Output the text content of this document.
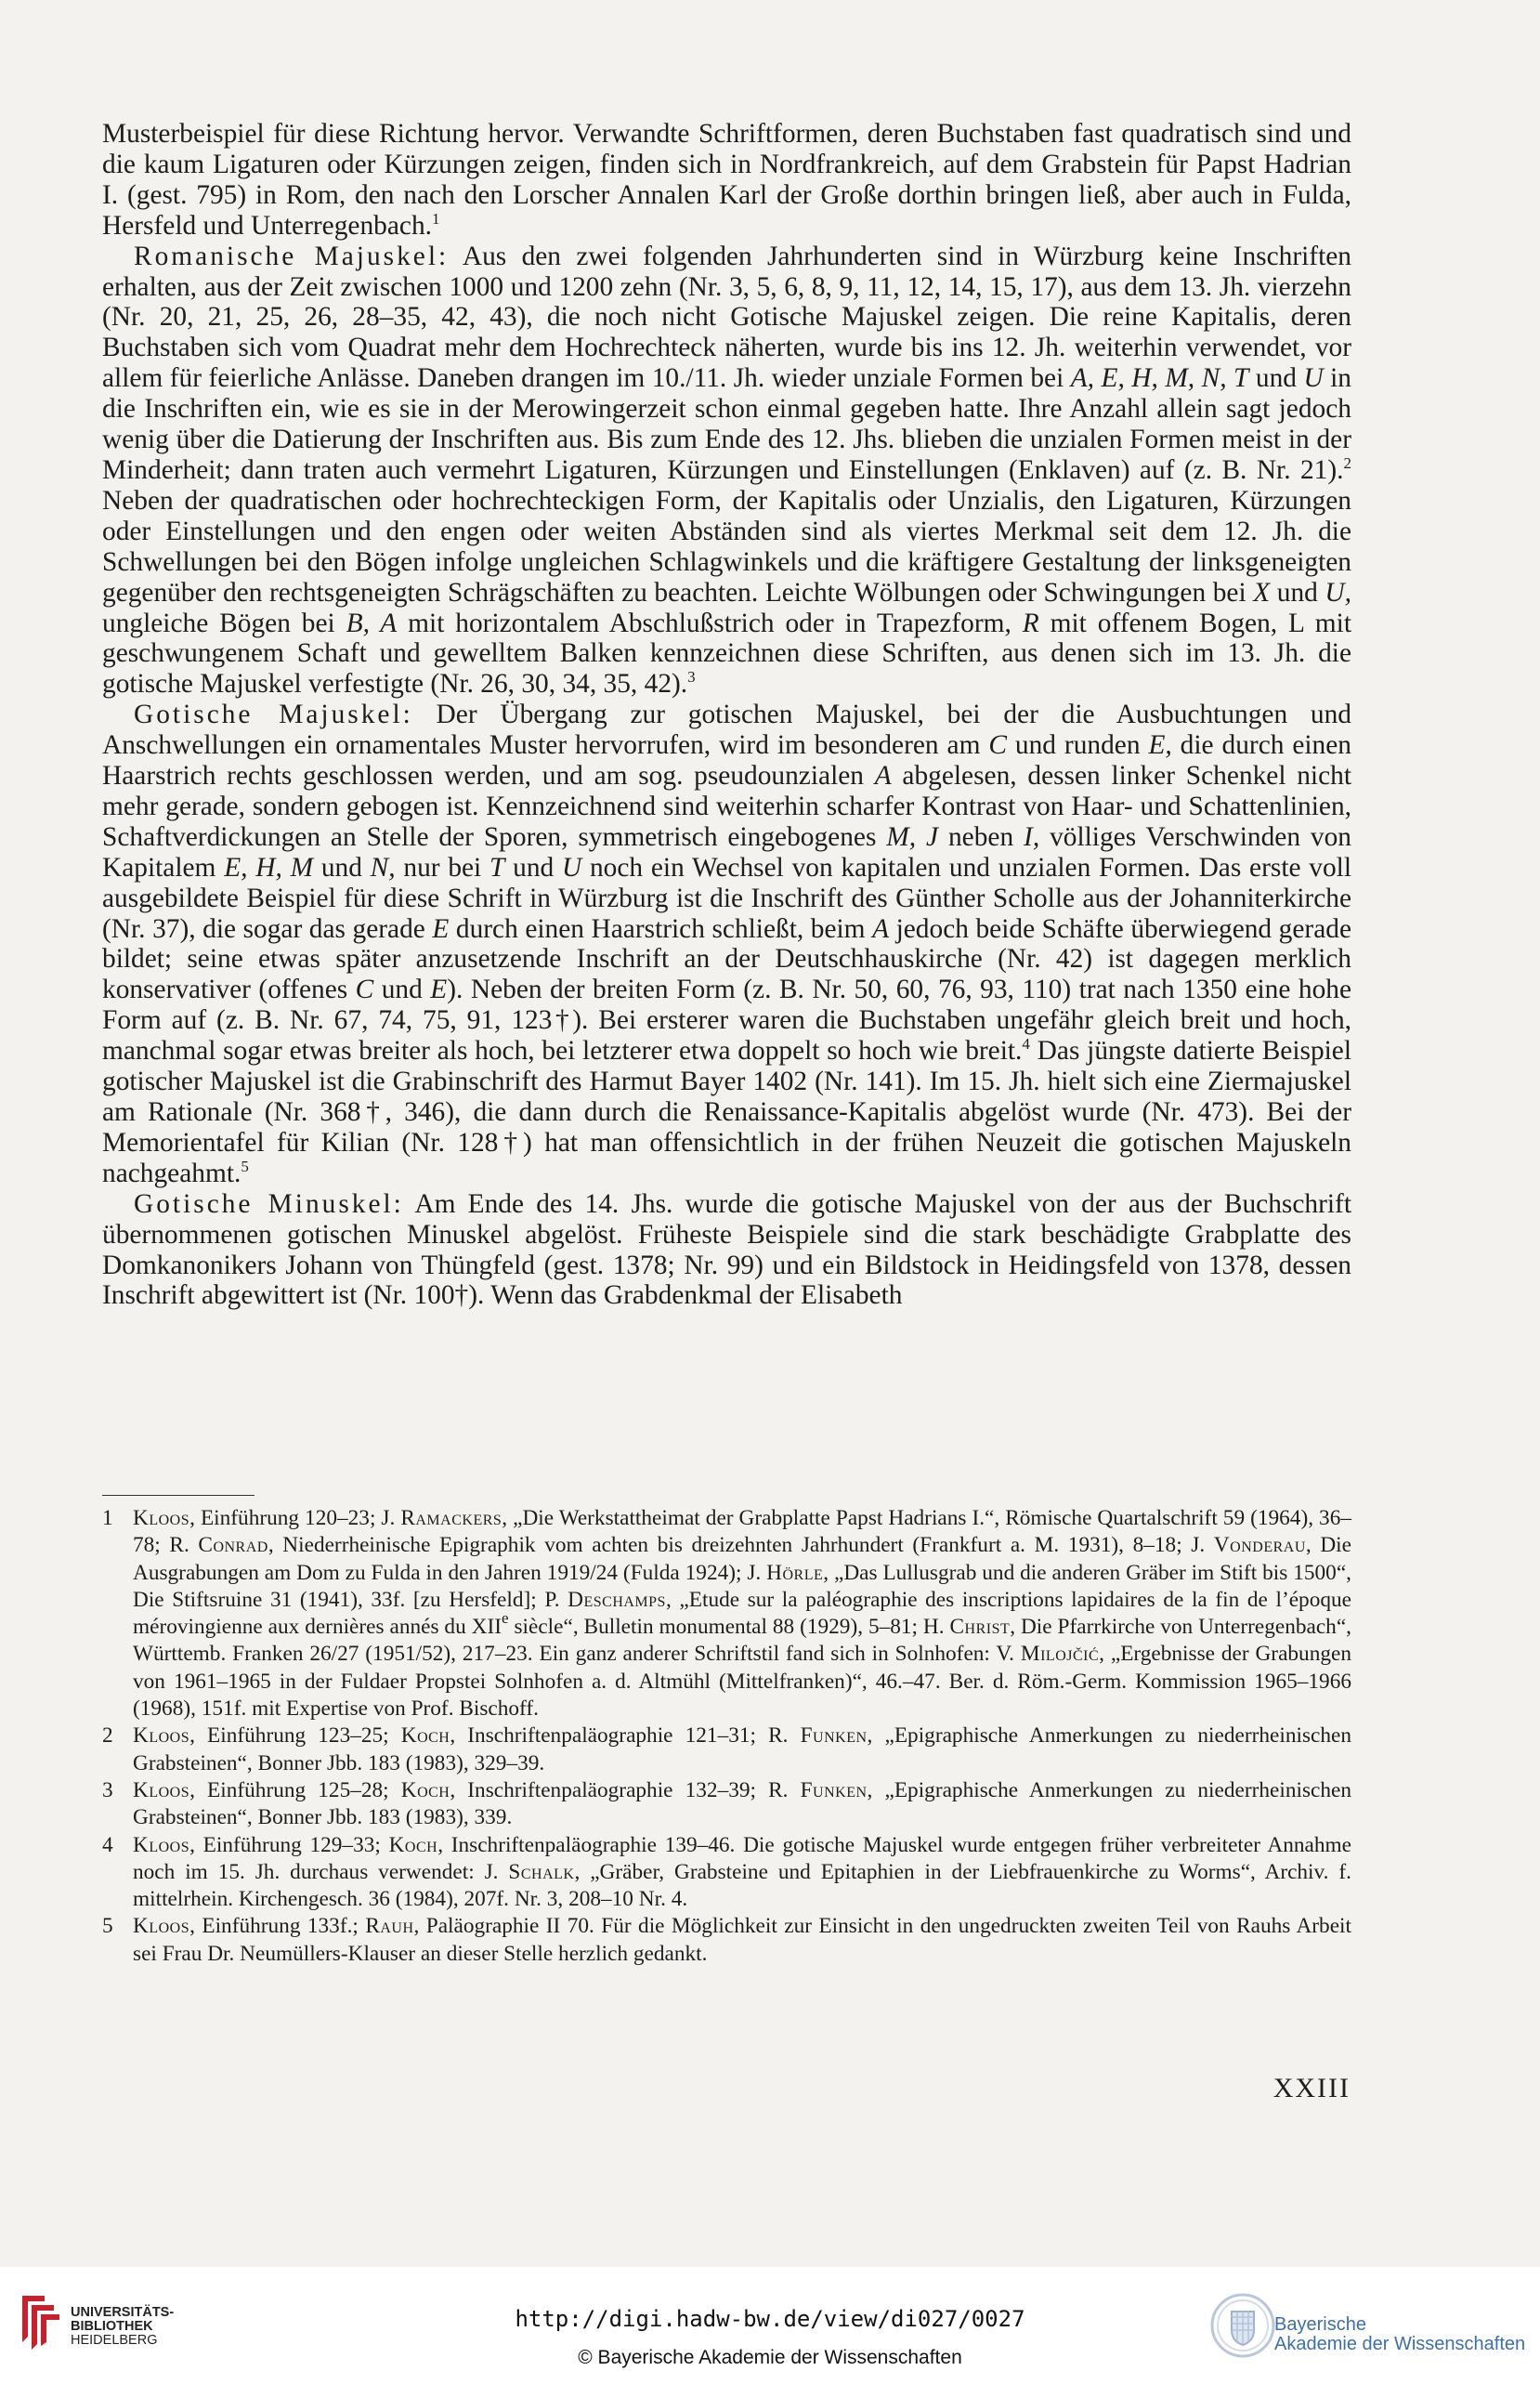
Musterbeispiel für diese Richtung hervor. Verwandte Schriftformen, deren Buchstaben fast quadratisch sind und die kaum Ligaturen oder Kürzungen zeigen, finden sich in Nordfrankreich, auf dem Grabstein für Papst Hadrian I. (gest. 795) in Rom, den nach den Lorscher Annalen Karl der Große dorthin bringen ließ, aber auch in Fulda, Hersfeld und Unterregenbach.$^1$

Romanische Majuskel: Aus den zwei folgenden Jahrhunderten sind in Würzburg keine Inschriften erhalten, aus der Zeit zwischen 1000 und 1200 zehn (Nr. 3, 5, 6, 8, 9, 11, 12, 14, 15, 17), aus dem 13. Jh. vierzehn (Nr. 20, 21, 25, 26, 28–35, 42, 43), die noch nicht Gotische Majuskel zeigen. Die reine Kapitalis, deren Buchstaben sich vom Quadrat mehr dem Hochrechteck näherten, wurde bis ins 12. Jh. weiterhin verwendet, vor allem für feierliche Anlässe. Daneben drangen im 10./11. Jh. wieder unziale Formen bei A, E, H, M, N, T und U in die Inschriften ein, wie es sie in der Merowingerzeit schon einmal gegeben hatte. Ihre Anzahl allein sagt jedoch wenig über die Datierung der Inschriften aus. Bis zum Ende des 12. Jhs. blieben die unzialen Formen meist in der Minderheit; dann traten auch vermehrt Ligaturen, Kürzungen und Einstellungen (Enklaven) auf (z. B. Nr. 21).$^2$ Neben der quadratischen oder hochrechteckigen Form, der Kapitalis oder Unzialis, den Ligaturen, Kürzungen oder Einstellungen und den engen oder weiten Abständen sind als viertes Merkmal seit dem 12. Jh. die Schwellungen bei den Bögen infolge ungleichen Schlagwinkels und die kräftigere Gestaltung der linksgeneigten gegenüber den rechtsgeneigten Schrägschäften zu beachten. Leichte Wölbungen oder Schwingungen bei X und U, ungleiche Bögen bei B, A mit horizontalem Abschlußstrich oder in Trapezform, R mit offenem Bogen, L mit geschwungenem Schaft und gewelltem Balken kennzeichnen diese Schriften, aus denen sich im 13. Jh. die gotische Majuskel verfestigte (Nr. 26, 30, 34, 35, 42).$^3$

Gotische Majuskel: Der Übergang zur gotischen Majuskel, bei der die Ausbuchtungen und Anschwellungen ein ornamentales Muster hervorrufen, wird im besonderen am C und runden E, die durch einen Haarstrich rechts geschlossen werden, und am sog. pseudounzialen A abgelesen, dessen linker Schenkel nicht mehr gerade, sondern gebogen ist. Kennzeichnend sind weiterhin scharfer Kontrast von Haar- und Schattenlinien, Schaftverdickungen an Stelle der Sporen, symmetrisch eingebogenes M, J neben I, völliges Verschwinden von Kapitalem E, H, M und N, nur bei T und U noch ein Wechsel von kapitalen und unzialen Formen. Das erste voll ausgebildete Beispiel für diese Schrift in Würzburg ist die Inschrift des Günther Scholle aus der Johanniterkirche (Nr. 37), die sogar das gerade E durch einen Haarstrich schließt, beim A jedoch beide Schäfte überwiegend gerade bildet; seine etwas später anzusetzende Inschrift an der Deutschhauskirche (Nr. 42) ist dagegen merklich konservativer (offenes C und E). Neben der breiten Form (z. B. Nr. 50, 60, 76, 93, 110) trat nach 1350 eine hohe Form auf (z. B. Nr. 67, 74, 75, 91, 123†). Bei ersterer waren die Buchstaben ungefähr gleich breit und hoch, manchmal sogar etwas breiter als hoch, bei letzterer etwa doppelt so hoch wie breit.$^4$ Das jüngste datierte Beispiel gotischer Majuskel ist die Grabinschrift des Harmut Bayer 1402 (Nr. 141). Im 15. Jh. hielt sich eine Ziermajuskel am Rationale (Nr. 368†, 346), die dann durch die Renaissance-Kapitalis abgelöst wurde (Nr. 473). Bei der Memorientafel für Kilian (Nr. 128†) hat man offensichtlich in der frühen Neuzeit die gotischen Majuskeln nachgeahmt.$^5$

Gotische Minuskel: Am Ende des 14. Jhs. wurde die gotische Majuskel von der aus der Buchschrift übernommenen gotischen Minuskel abgelöst. Früheste Beispiele sind die stark beschädigte Grabplatte des Domkanonikers Johann von Thüngfeld (gest. 1378; Nr. 99) und ein Bildstock in Heidingsfeld von 1378, dessen Inschrift abgewittert ist (Nr. 100†). Wenn das Grabdenkmal der Elisabeth

1 Kloos, Einführung 120–23; J. Ramackers, „Die Werkstattheimat der Grabplatte Papst Hadrians I.“, Römische Quartalschrift 59 (1964), 36–78; R. Conrad, Niederrheinische Epigraphik vom achten bis dreizehnten Jahrhundert (Frankfurt a. M. 1931), 8–18; J. Vonderau, Die Ausgrabungen am Dom zu Fulda in den Jahren 1919/24 (Fulda 1924); J. Hörle, „Das Lullusgrab und die anderen Gräber im Stift bis 1500“, Die Stiftsruine 31 (1941), 33f. [zu Hersfeld]; P. Deschamps, „Etude sur la paléographie des inscriptions lapidaires de la fin de l’époque mérovingienne aux dernières annés du XIIe siècle“, Bulletin monumental 88 (1929), 5–81; H. Christ, Die Pfarrkirche von Unterregenbach“, Württemb. Franken 26/27 (1951/52), 217–23. Ein ganz anderer Schriftstil fand sich in Solnhofen: V. Milojčić, „Ergebnisse der Grabungen von 1961–1965 in der Fuldaer Propstei Solnhofen a. d. Altmühl (Mittelfranken)“, 46.–47. Ber. d. Röm.-Germ. Kommission 1965–1966 (1968), 151f. mit Expertise von Prof. Bischoff.
2 Kloos, Einführung 123–25; Koch, Inschriftenpaläographie 121–31; R. Funken, „Epigraphische Anmerkungen zu niederrheinischen Grabsteinen“, Bonner Jbb. 183 (1983), 329–39.
3 Kloos, Einführung 125–28; Koch, Inschriftenpaläographie 132–39; R. Funken, „Epigraphische Anmerkungen zu niederrheinischen Grabsteinen“, Bonner Jbb. 183 (1983), 339.
4 Kloos, Einführung 129–33; Koch, Inschriftenpaläographie 139–46. Die gotische Majuskel wurde entgegen früher verbreiteter Annahme noch im 15. Jh. durchaus verwendet: J. Schalk, „Gräber, Grabsteine und Epitaphien in der Liebfrauenkirche zu Worms“, Archiv. f. mittelrhein. Kirchengesch. 36 (1984), 207f. Nr. 3, 208–10 Nr. 4.
5 Kloos, Einführung 133f.; Rauh, Paläographie II 70. Für die Möglichkeit zur Einsicht in den ungedruckten zweiten Teil von Rauhs Arbeit sei Frau Dr. Neumüllers-Klauser an dieser Stelle herzlich gedankt.
XXIII
UNIVERSITÄTS-
BIBLIOTHEK
HEIDELBERG
http://digi.hadw-bw.de/view/di027/0027
© Bayerische Akademie der Wissenschaften
Bayerische
Akademie der Wissenschaften
